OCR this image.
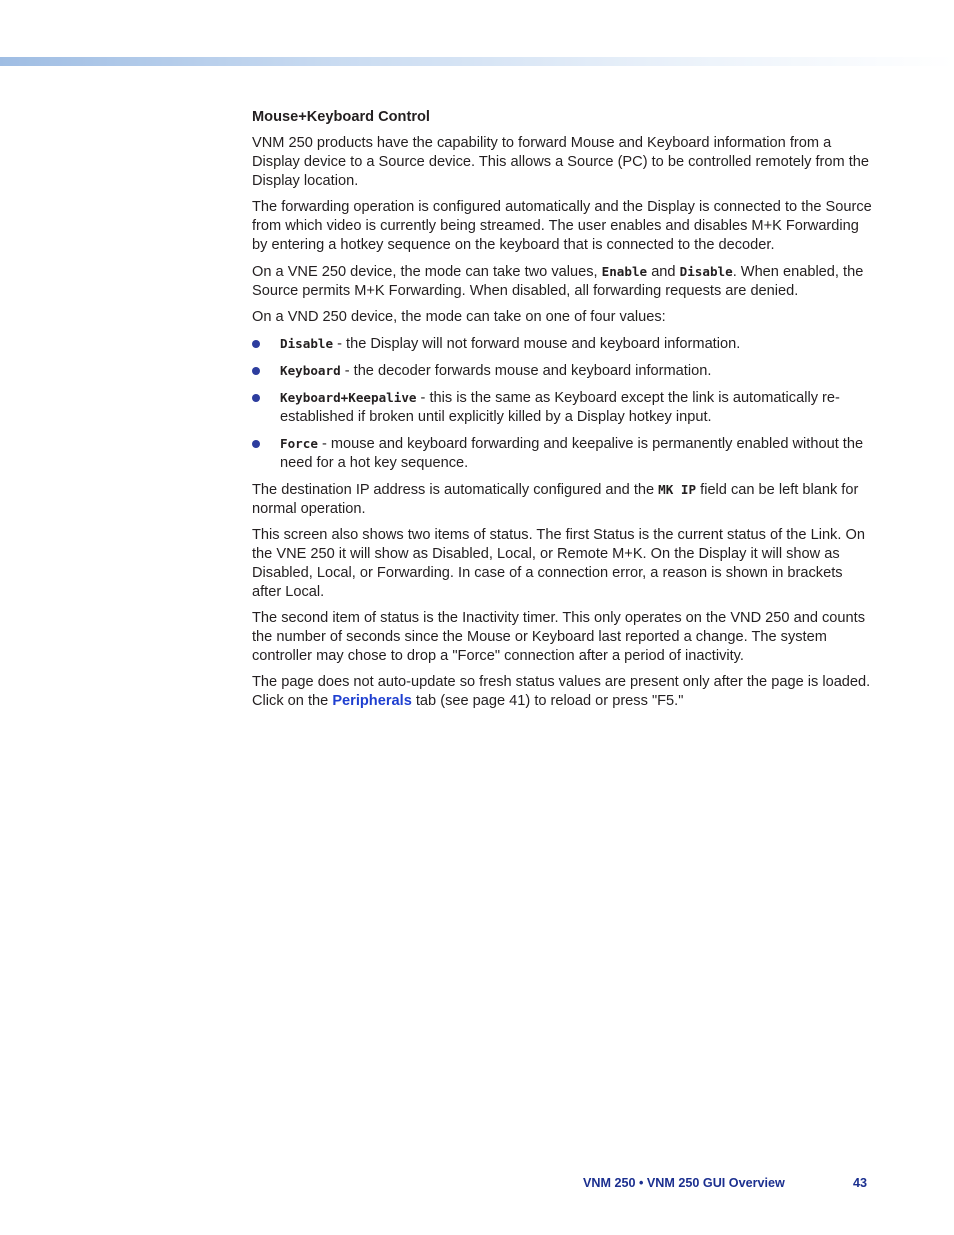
Mouse+Keyboard Control

VNM 250 products have the capability to forward Mouse and Keyboard information from a Display device to a Source device. This allows a Source (PC) to be controlled remotely from the Display location.

The forwarding operation is configured automatically and the Display is connected to the Source from which video is currently being streamed. The user enables and disables M+K Forwarding by entering a hotkey sequence on the keyboard that is connected to the decoder.

On a VNE 250 device, the mode can take two values, Enable and Disable. When enabled, the Source permits M+K Forwarding. When disabled, all forwarding requests are denied.

On a VND 250 device, the mode can take on one of four values:

Disable - the Display will not forward mouse and keyboard information.
Keyboard - the decoder forwards mouse and keyboard information.
Keyboard+Keepalive - this is the same as Keyboard except the link is automatically re-established if broken until explicitly killed by a Display hotkey input.
Force - mouse and keyboard forwarding and keepalive is permanently enabled without the need for a hot key sequence.

The destination IP address is automatically configured and the MK IP field can be left blank for normal operation.

This screen also shows two items of status. The first Status is the current status of the Link. On the VNE 250 it will show as Disabled, Local, or Remote M+K. On the Display it will show as Disabled, Local, or Forwarding. In case of a connection error, a reason is shown in brackets after Local.

The second item of status is the Inactivity timer. This only operates on the VND 250 and counts the number of seconds since the Mouse or Keyboard last reported a change. The system controller may chose to drop a "Force" connection after a period of inactivity.

The page does not auto-update so fresh status values are present only after the page is loaded. Click on the Peripherals tab (see page 41) to reload or press "F5."

VNM 250 • VNM 250 GUI Overview	43
